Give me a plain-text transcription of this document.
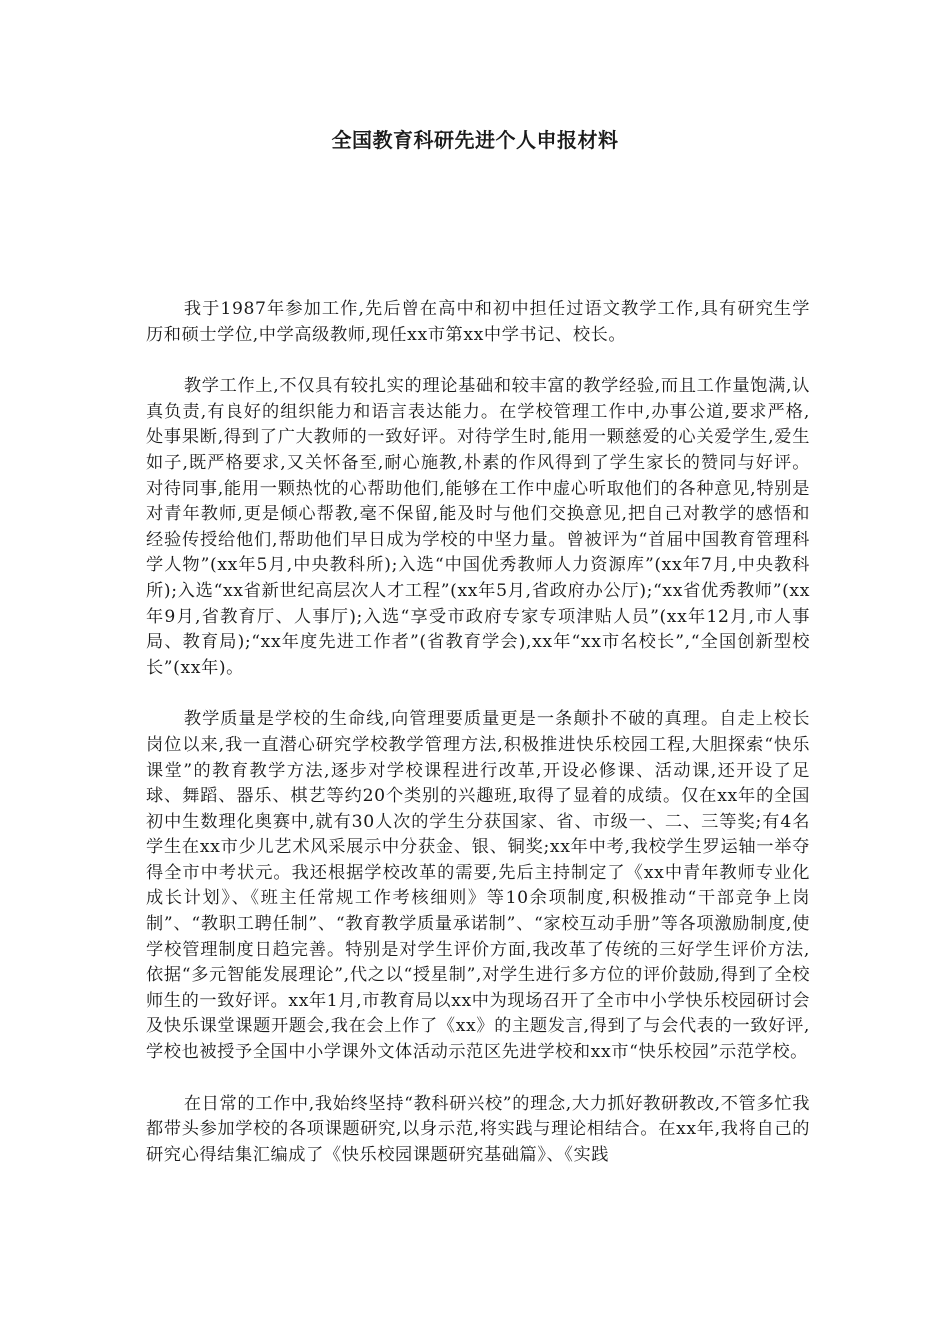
全国教育科研先进个人申报材料

我于1987年参加工作,先后曾在高中和初中担任过语文教学工作,具有研究生学历和硕士学位,中学高级教师,现任xx市第xx中学书记、校长。

教学工作上,不仅具有较扎实的理论基础和较丰富的教学经验,而且工作量饱满,认真负责,有良好的组织能力和语言表达能力。在学校管理工作中,办事公道,要求严格,处事果断,得到了广大教师的一致好评。对待学生时,能用一颗慈爱的心关爱学生,爱生如子,既严格要求,又关怀备至,耐心施教,朴素的作风得到了学生家长的赞同与好评。对待同事,能用一颗热忱的心帮助他们,能够在工作中虚心听取他们的各种意见,特别是对青年教师,更是倾心帮教,毫不保留,能及时与他们交换意见,把自己对教学的感悟和经验传授给他们,帮助他们早日成为学校的中坚力量。曾被评为“首届中国教育管理科学人物”(xx年5月,中央教科所);入选“中国优秀教师人力资源库”(xx年7月,中央教科所);入选“xx省新世纪高层次人才工程”(xx年5月,省政府办公厅);“xx省优秀教师”(xx年9月,省教育厅、人事厅);入选“享受市政府专家专项津贴人员”(xx年12月,市人事局、教育局);“xx年度先进工作者”(省教育学会),xx年“xx市名校长”,“全国创新型校长”(xx年)。

教学质量是学校的生命线,向管理要质量更是一条颠扑不破的真理。自走上校长岗位以来,我一直潜心研究学校教学管理方法,积极推进快乐校园工程,大胆探索“快乐课堂”的教育教学方法,逐步对学校课程进行改革,开设必修课、活动课,还开设了足球、舞蹈、器乐、棋艺等约20个类别的兴趣班,取得了显着的成绩。仅在xx年的全国初中生数理化奥赛中,就有30人次的学生分获国家、省、市级一、二、三等奖;有4名学生在xx市少儿艺术风采展示中分获金、银、铜奖;xx年中考,我校学生罗运轴一举夺得全市中考状元。我还根据学校改革的需要,先后主持制定了《xx中青年教师专业化成长计划》、《班主任常规工作考核细则》等10余项制度,积极推动“干部竞争上岗制”、“教职工聘任制”、“教育教学质量承诺制”、“家校互动手册”等各项激励制度,使学校管理制度日趋完善。特别是对学生评价方面,我改革了传统的三好学生评价方法,依据“多元智能发展理论”,代之以“授星制”,对学生进行多方位的评价鼓励,得到了全校师生的一致好评。xx年1月,市教育局以xx中为现场召开了全市中小学快乐校园研讨会及快乐课堂课题开题会,我在会上作了《xx》的主题发言,得到了与会代表的一致好评,学校也被授予全国中小学课外文体活动示范区先进学校和xx市“快乐校园”示范学校。

在日常的工作中,我始终坚持“教科研兴校”的理念,大力抓好教研教改,不管多忙我都带头参加学校的各项课题研究,以身示范,将实践与理论相结合。在xx年,我将自己的研究心得结集汇编成了《快乐校园课题研究基础篇》、《实践
